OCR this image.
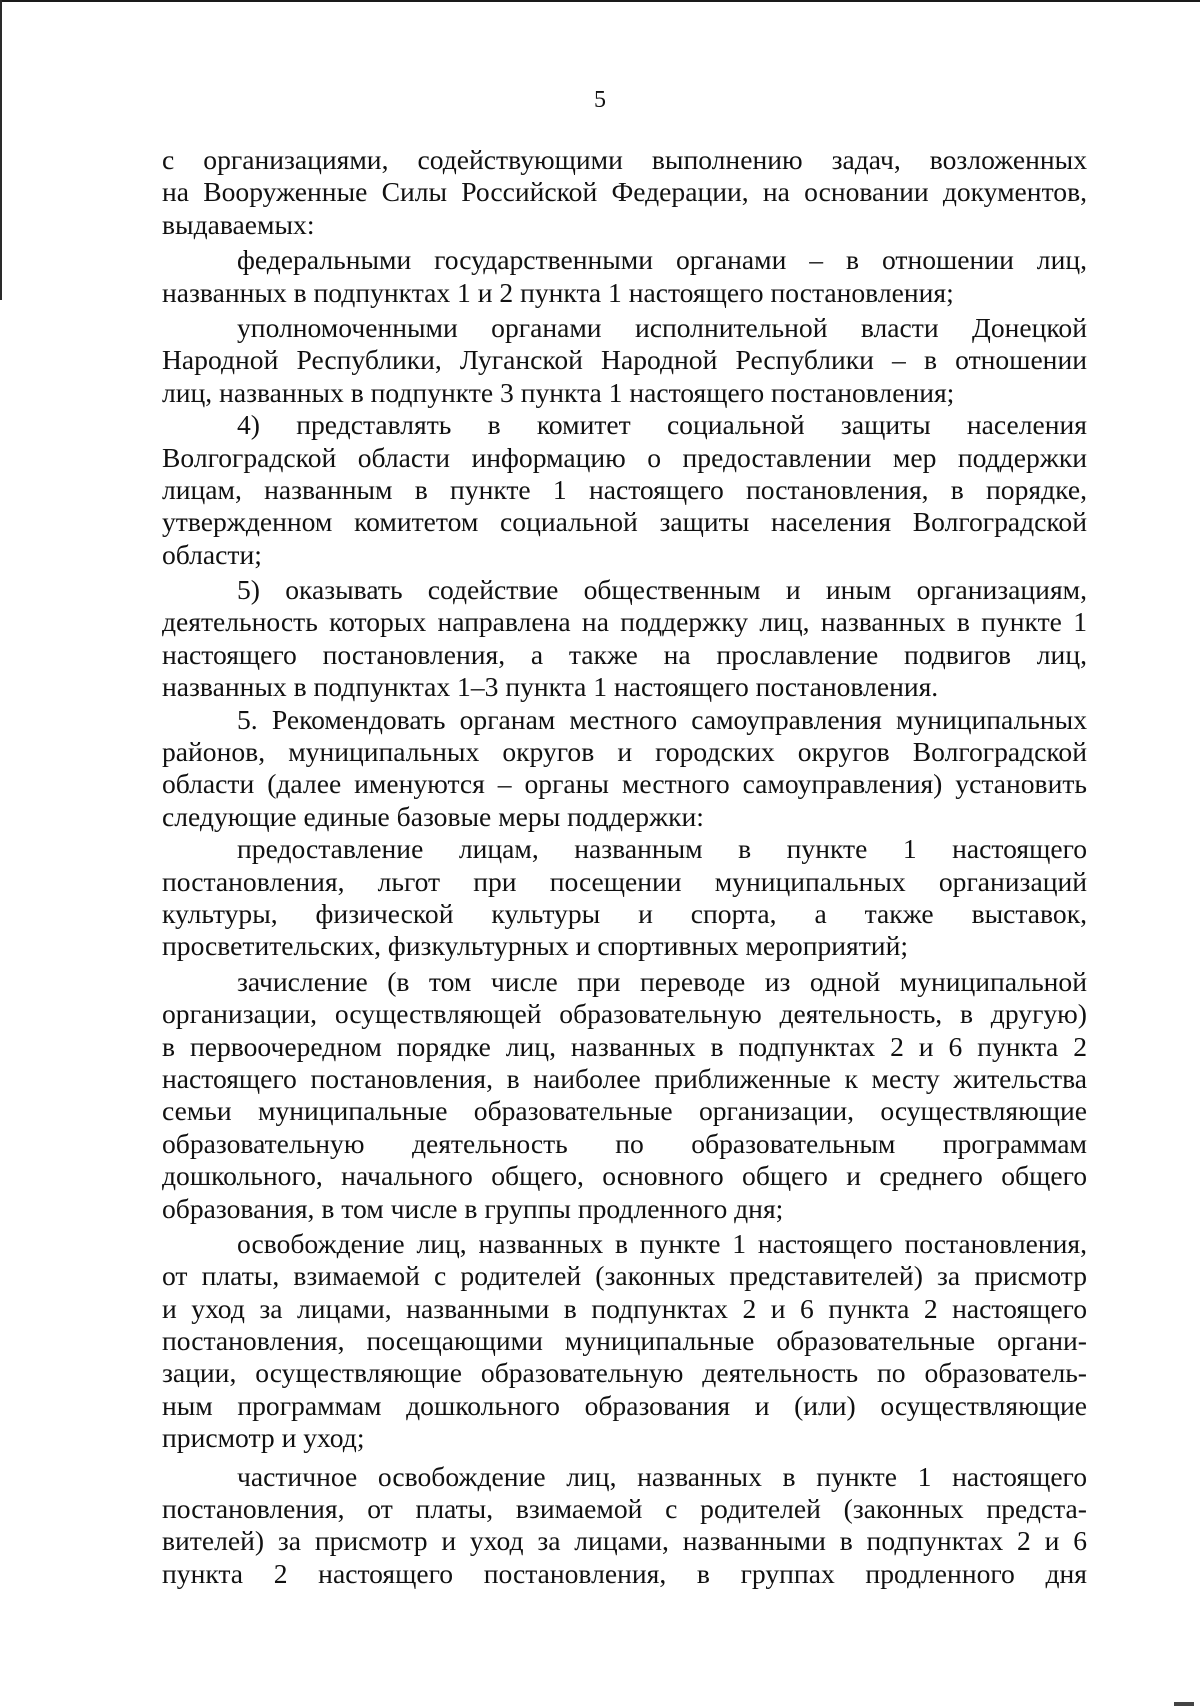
5
с организациями, содействующими выполнению задач, возложенных
на Вооруженные Силы Российской Федерации, на основании документов,
выдаваемых:
федеральными государственными органами – в отношении лиц,
названных в подпунктах 1 и 2 пункта 1 настоящего постановления;
уполномоченными органами исполнительной власти Донецкой
Народной Республики, Луганской Народной Республики – в отношении
лиц, названных в подпункте 3 пункта 1 настоящего постановления;
4) представлять в комитет социальной защиты населения
Волгоградской области информацию о предоставлении мер поддержки
лицам, названным в пункте 1 настоящего постановления, в порядке,
утвержденном комитетом социальной защиты населения Волгоградской
области;
5) оказывать содействие общественным и иным организациям,
деятельность которых направлена на поддержку лиц, названных в пункте 1
настоящего постановления, а также на прославление подвигов лиц,
названных в подпунктах 1–3 пункта 1 настоящего постановления.
5. Рекомендовать органам местного самоуправления муниципальных
районов, муниципальных округов и городских округов Волгоградской
области (далее именуются – органы местного самоуправления) установить
следующие единые базовые меры поддержки:
предоставление лицам, названным в пункте 1 настоящего
постановления, льгот при посещении муниципальных организаций
культуры, физической культуры и спорта, а также выставок,
просветительских, физкультурных и спортивных мероприятий;
зачисление (в том числе при переводе из одной муниципальной
организации, осуществляющей образовательную деятельность, в другую)
в первоочередном порядке лиц, названных в подпунктах 2 и 6 пункта 2
настоящего постановления, в наиболее приближенные к месту жительства
семьи муниципальные образовательные организации, осуществляющие
образовательную деятельность по образовательным программам
дошкольного, начального общего, основного общего и среднего общего
образования, в том числе в группы продленного дня;
освобождение лиц, названных в пункте 1 настоящего постановления,
от платы, взимаемой с родителей (законных представителей) за присмотр
и уход за лицами, названными в подпунктах 2 и 6 пункта 2 настоящего
постановления, посещающими муниципальные образовательные органи-
зации, осуществляющие образовательную деятельность по образователь-
ным программам дошкольного образования и (или) осуществляющие
присмотр и уход;
частичное освобождение лиц, названных в пункте 1 настоящего
постановления, от платы, взимаемой с родителей (законных предста-
вителей) за присмотр и уход за лицами, названными в подпунктах 2 и 6
пункта 2 настоящего постановления, в группах продленного дня
